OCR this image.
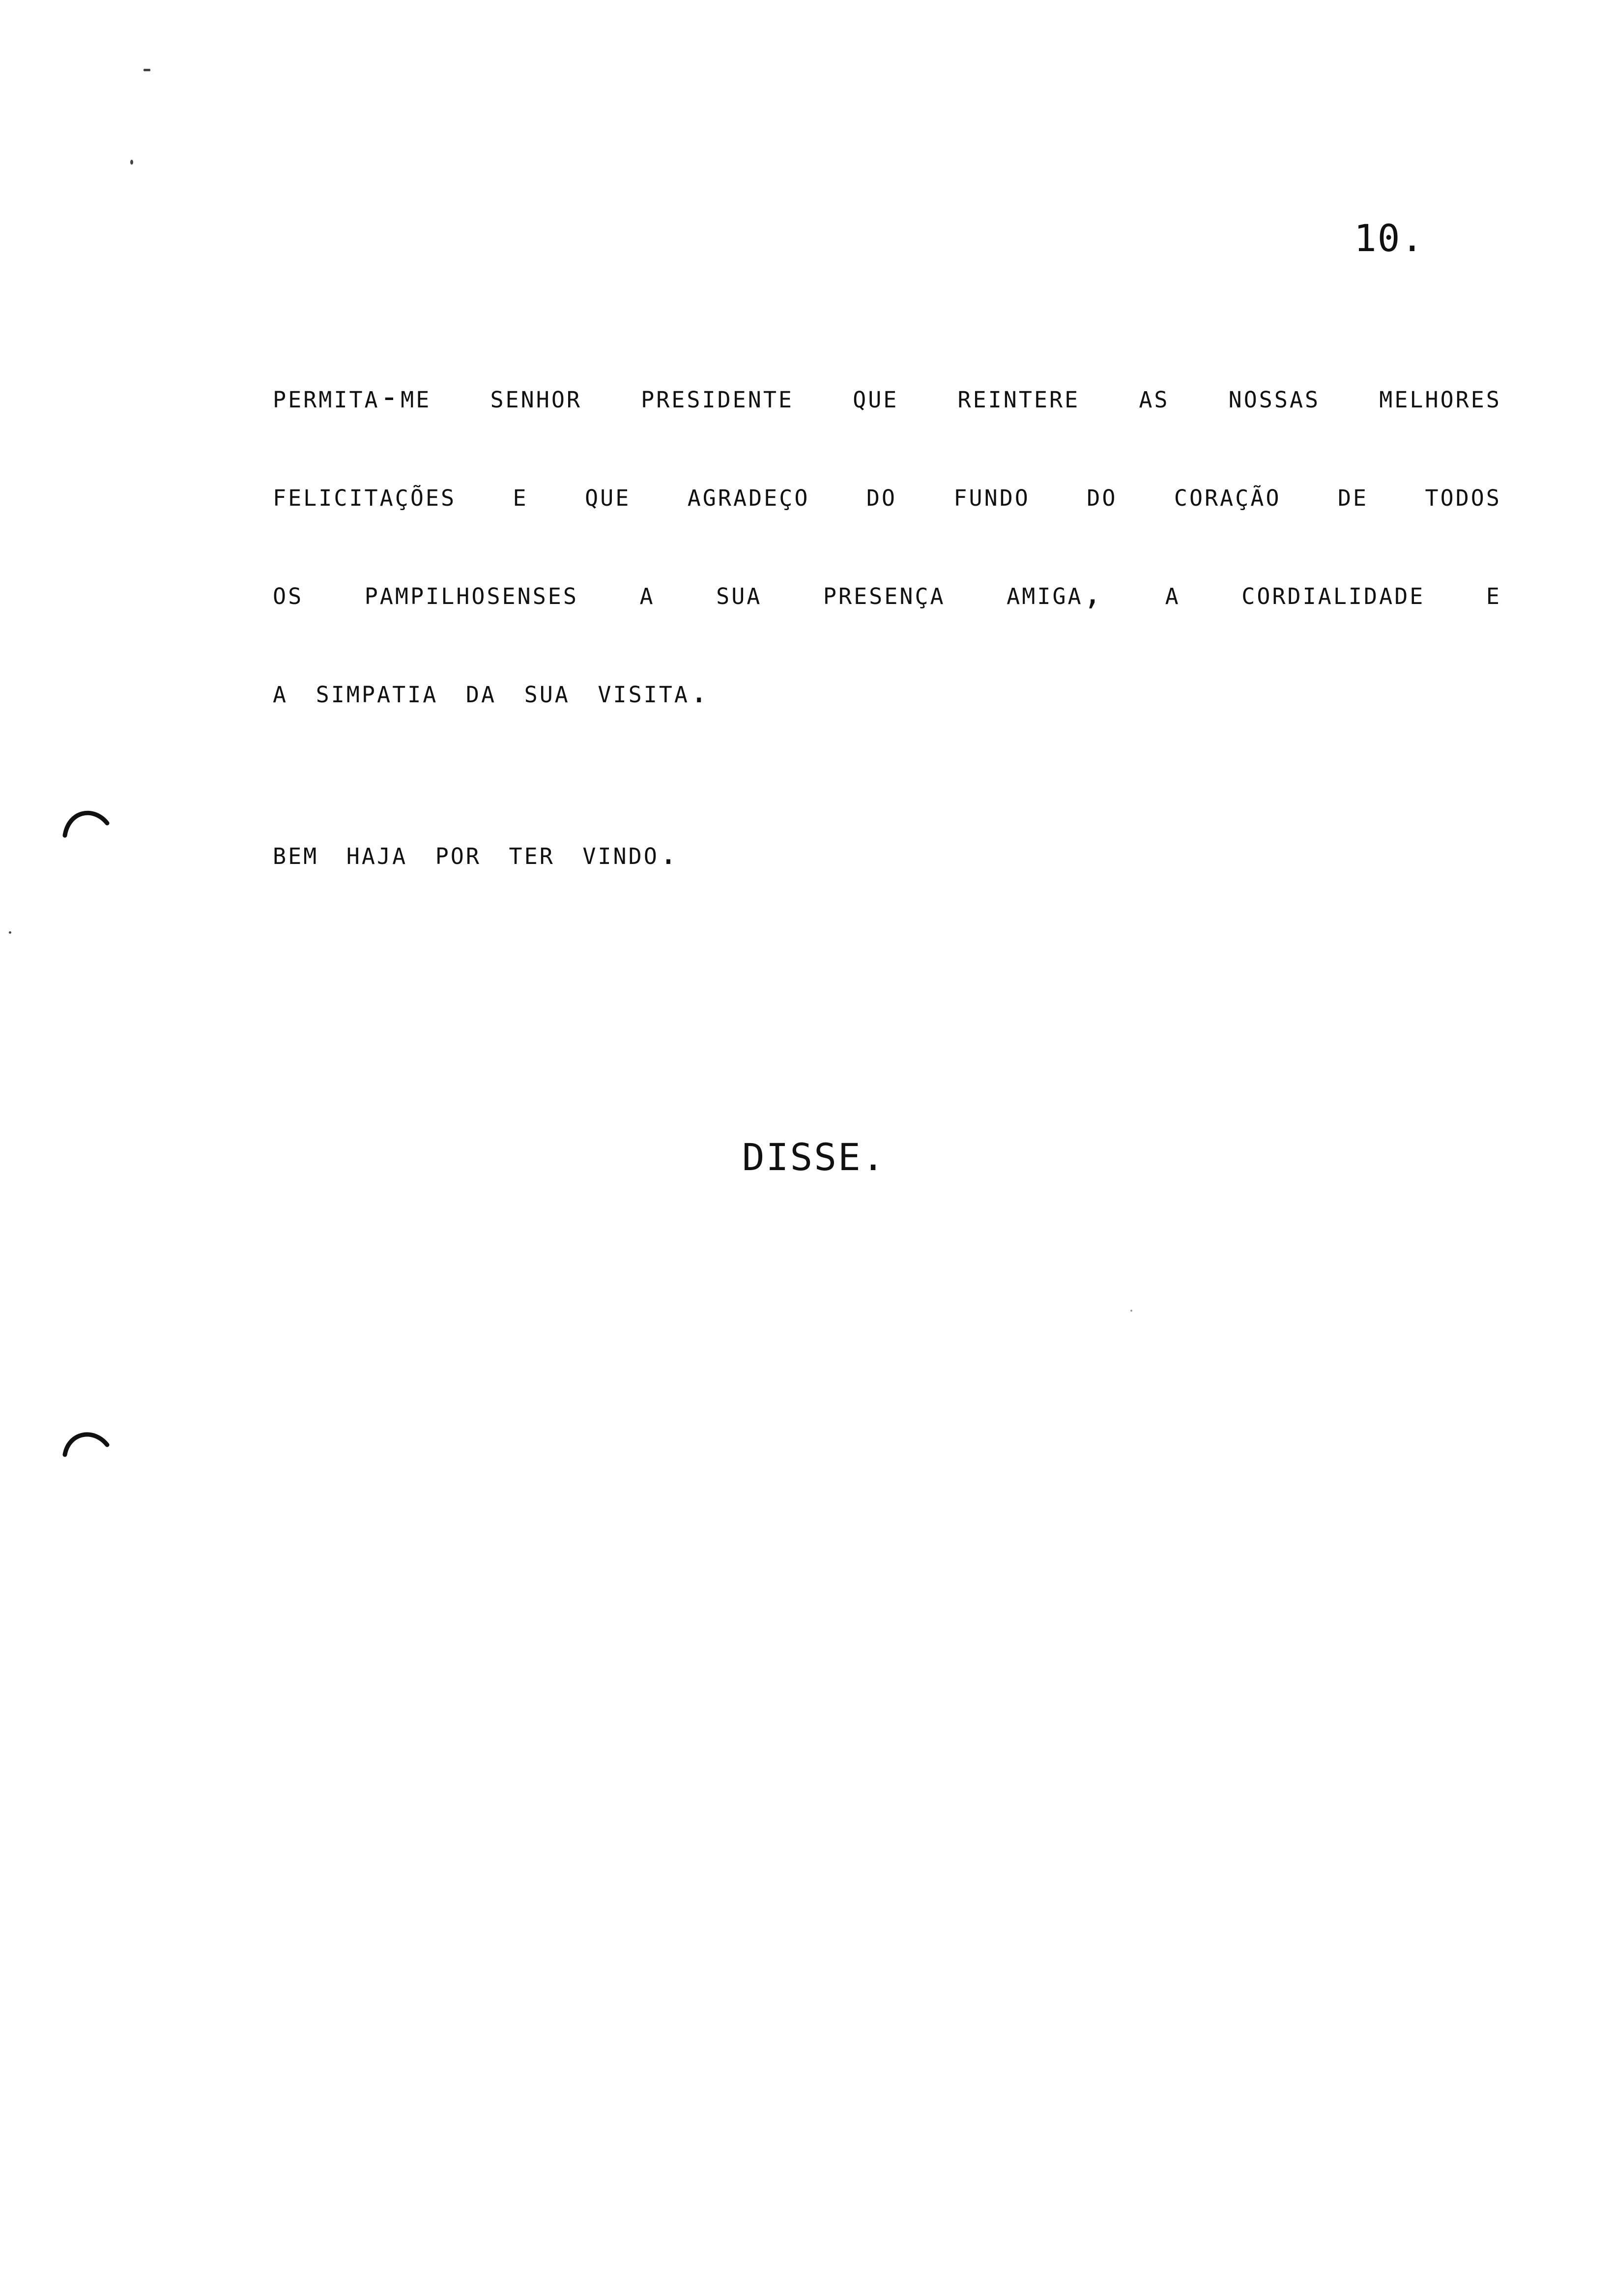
10.
permita-me senhor presidente que reintere as nossas melhores
felicitações e que agradeço do fundo do coração de todos
os pampilhosenses a sua presença amiga, a cordialidade e
a simpatia da sua visita.
bem haja por ter vindo.
DISSE.
